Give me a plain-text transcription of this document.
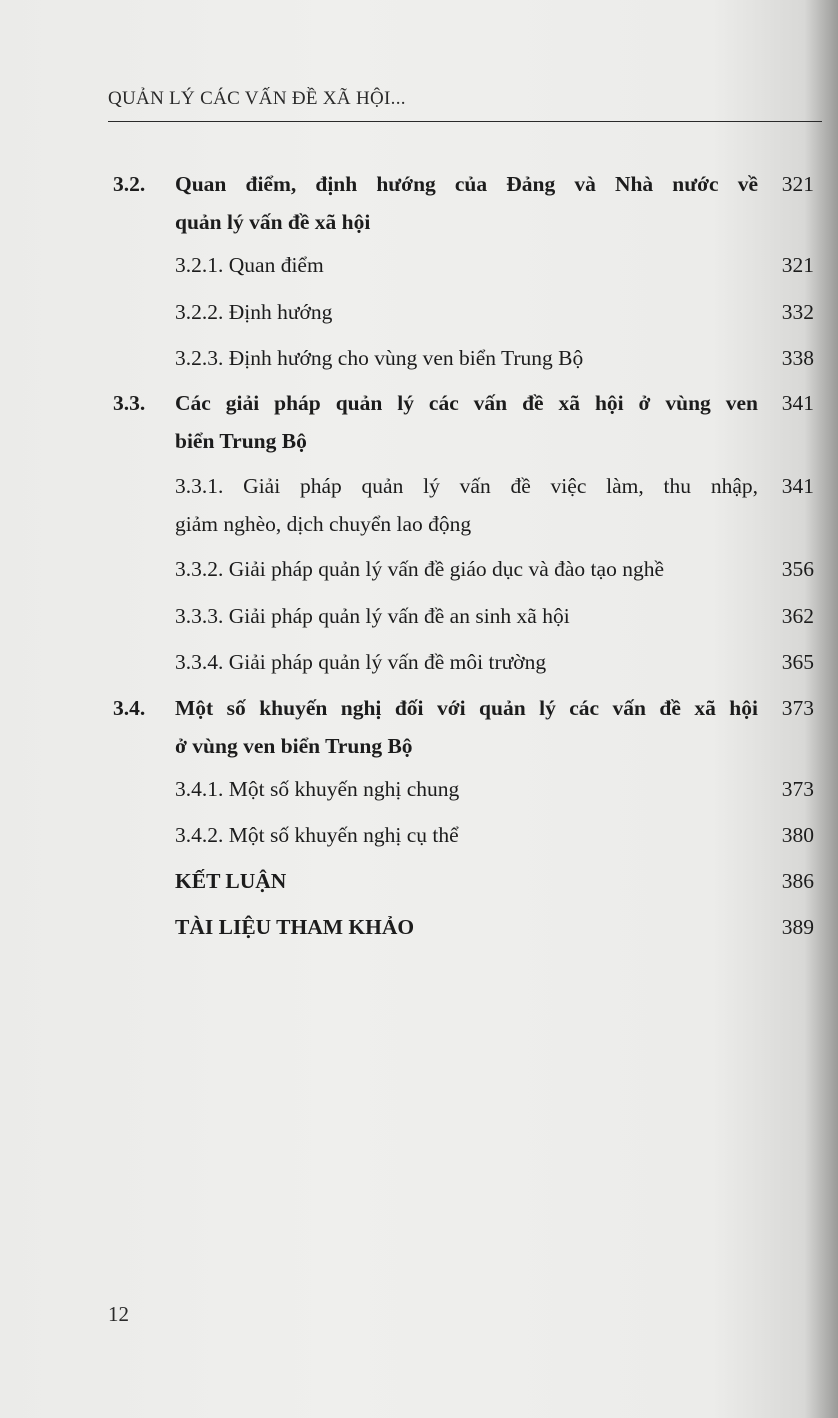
QUẢN LÝ CÁC VẤN ĐỀ XÃ HỘI...
3.2. Quan điểm, định hướng của Đảng và Nhà nước về
quản lý vấn đề xã hội
321
3.2.1. Quan điểm	321
3.2.2. Định hướng	332
3.2.3. Định hướng cho vùng ven biển Trung Bộ	338
3.3. Các giải pháp quản lý các vấn đề xã hội ở vùng ven
biển Trung Bộ
341
3.3.1. Giải pháp quản lý vấn đề việc làm, thu nhập,
giảm nghèo, dịch chuyển lao động
341
3.3.2. Giải pháp quản lý vấn đề giáo dục và đào tạo nghề	356
3.3.3. Giải pháp quản lý vấn đề an sinh xã hội	362
3.3.4. Giải pháp quản lý vấn đề môi trường	365
3.4. Một số khuyến nghị đối với quản lý các vấn đề xã hội
ở vùng ven biển Trung Bộ
373
3.4.1. Một số khuyến nghị chung	373
3.4.2. Một số khuyến nghị cụ thể	380
KẾT LUẬN	386
TÀI LIỆU THAM KHẢO	389
12
